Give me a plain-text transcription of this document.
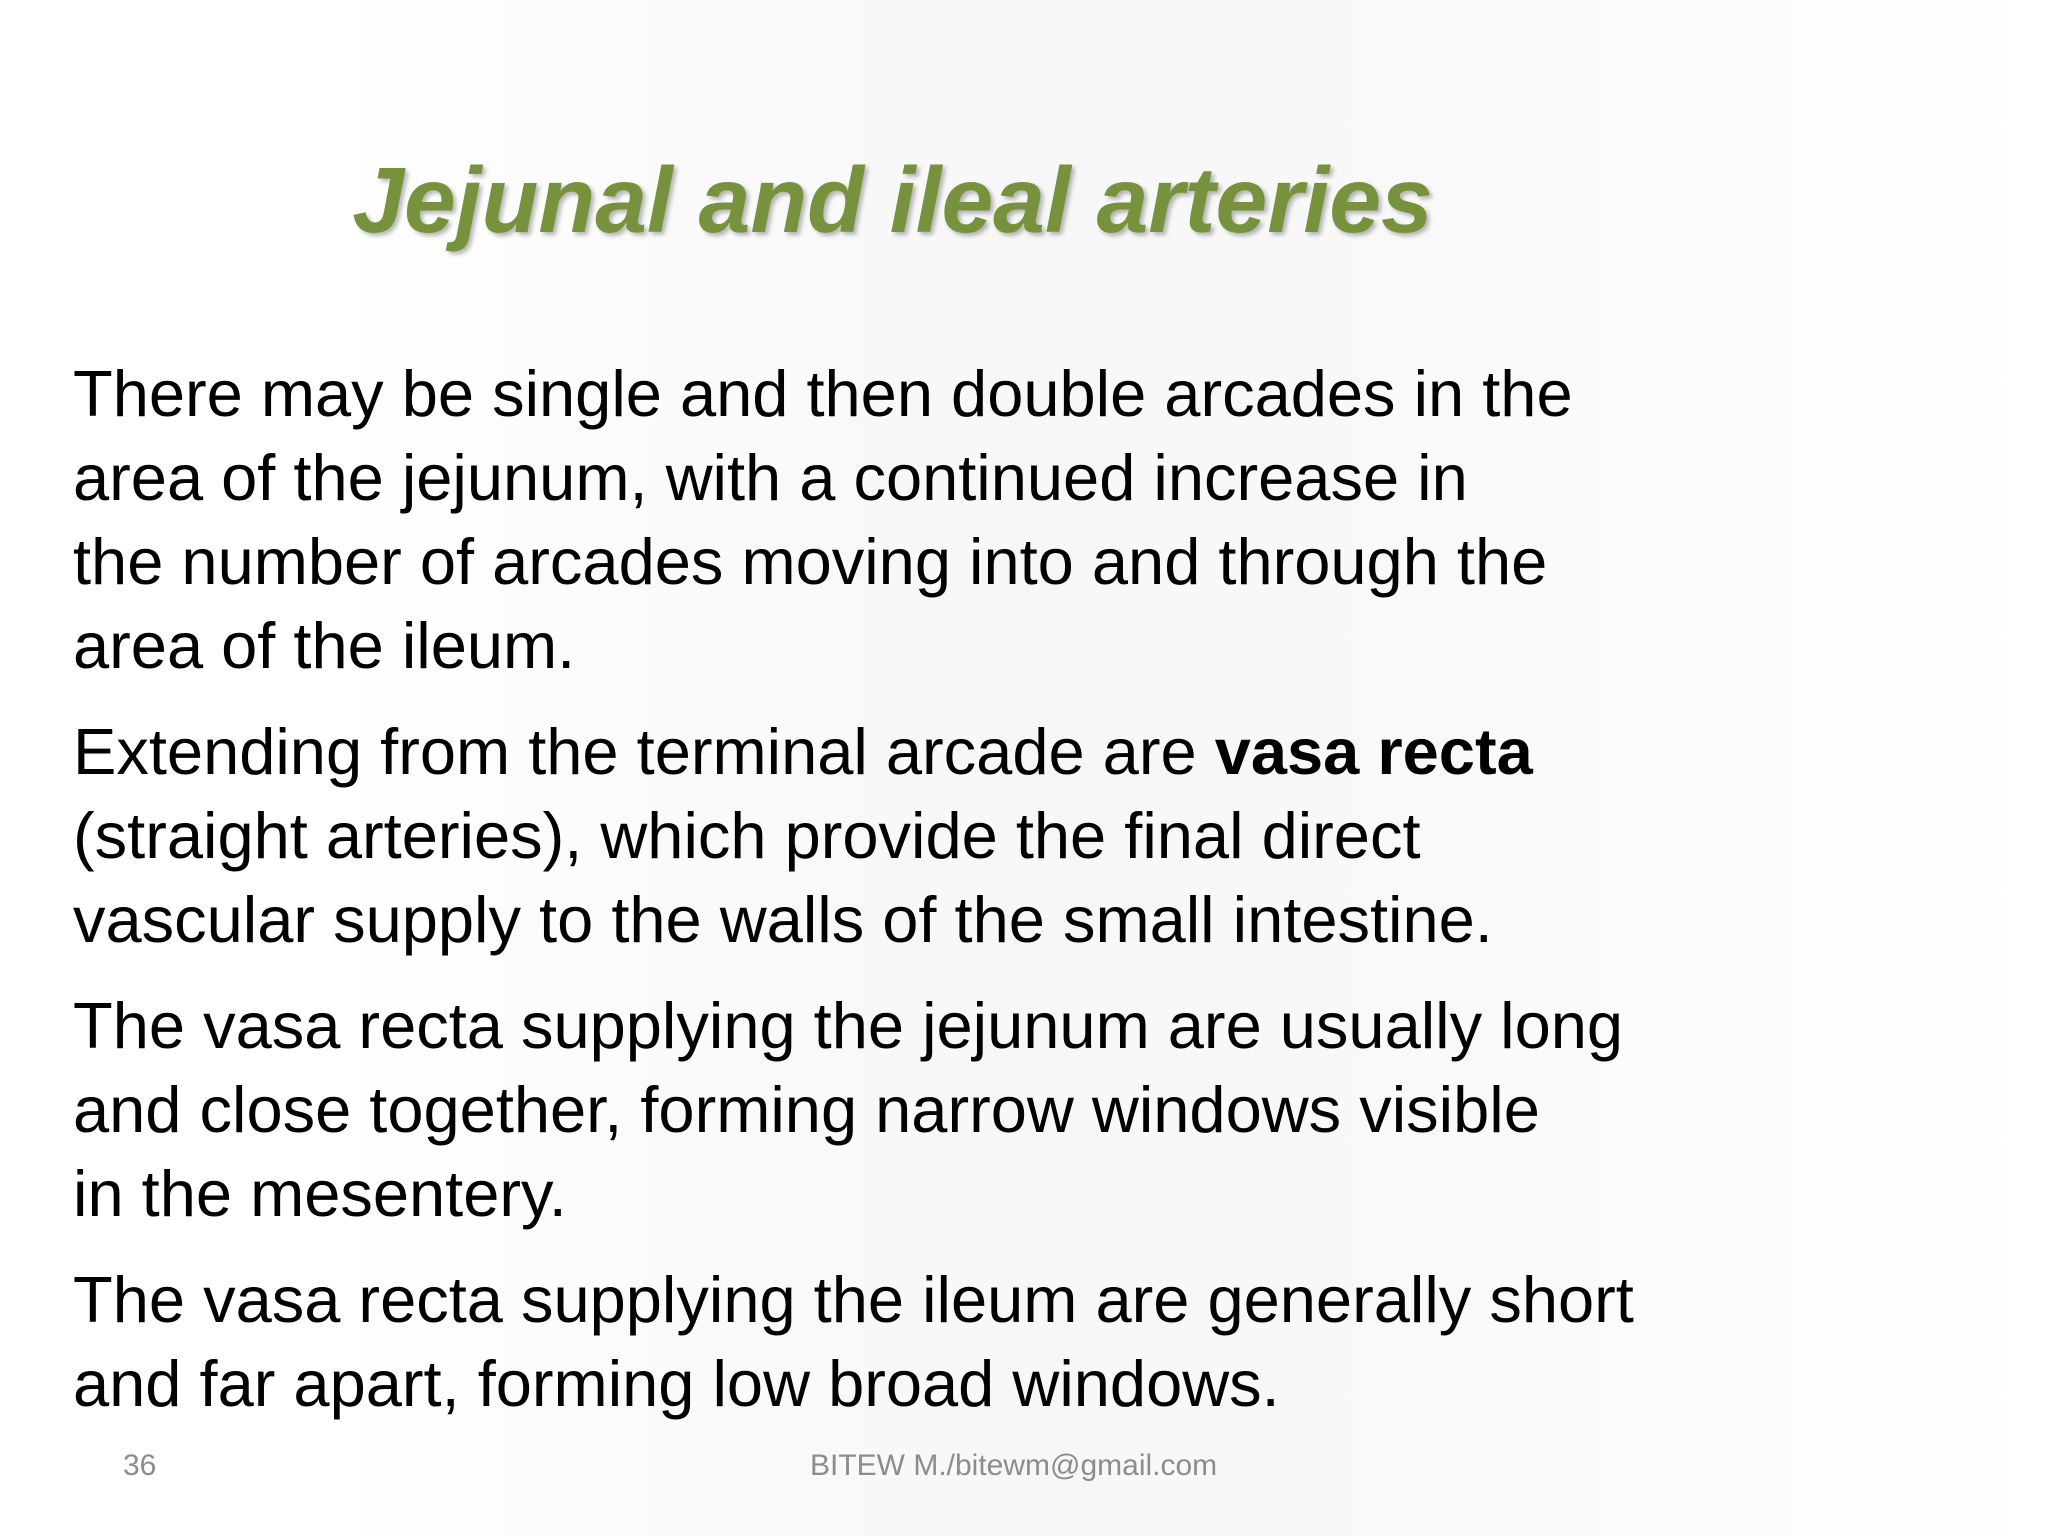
Jejunal and ileal arteries

There may be single and then double arcades in the
area of the jejunum, with a continued increase in
the number of arcades moving into and through the
area of the ileum.

Extending from the terminal arcade are vasa recta
(straight arteries), which provide the final direct
vascular supply to the walls of the small intestine.

The vasa recta supplying the jejunum are usually long
and close together, forming narrow windows visible
in the mesentery.

The vasa recta supplying the ileum are generally short
and far apart, forming low broad windows.

36	BITEW M./bitewm@gmail.com
